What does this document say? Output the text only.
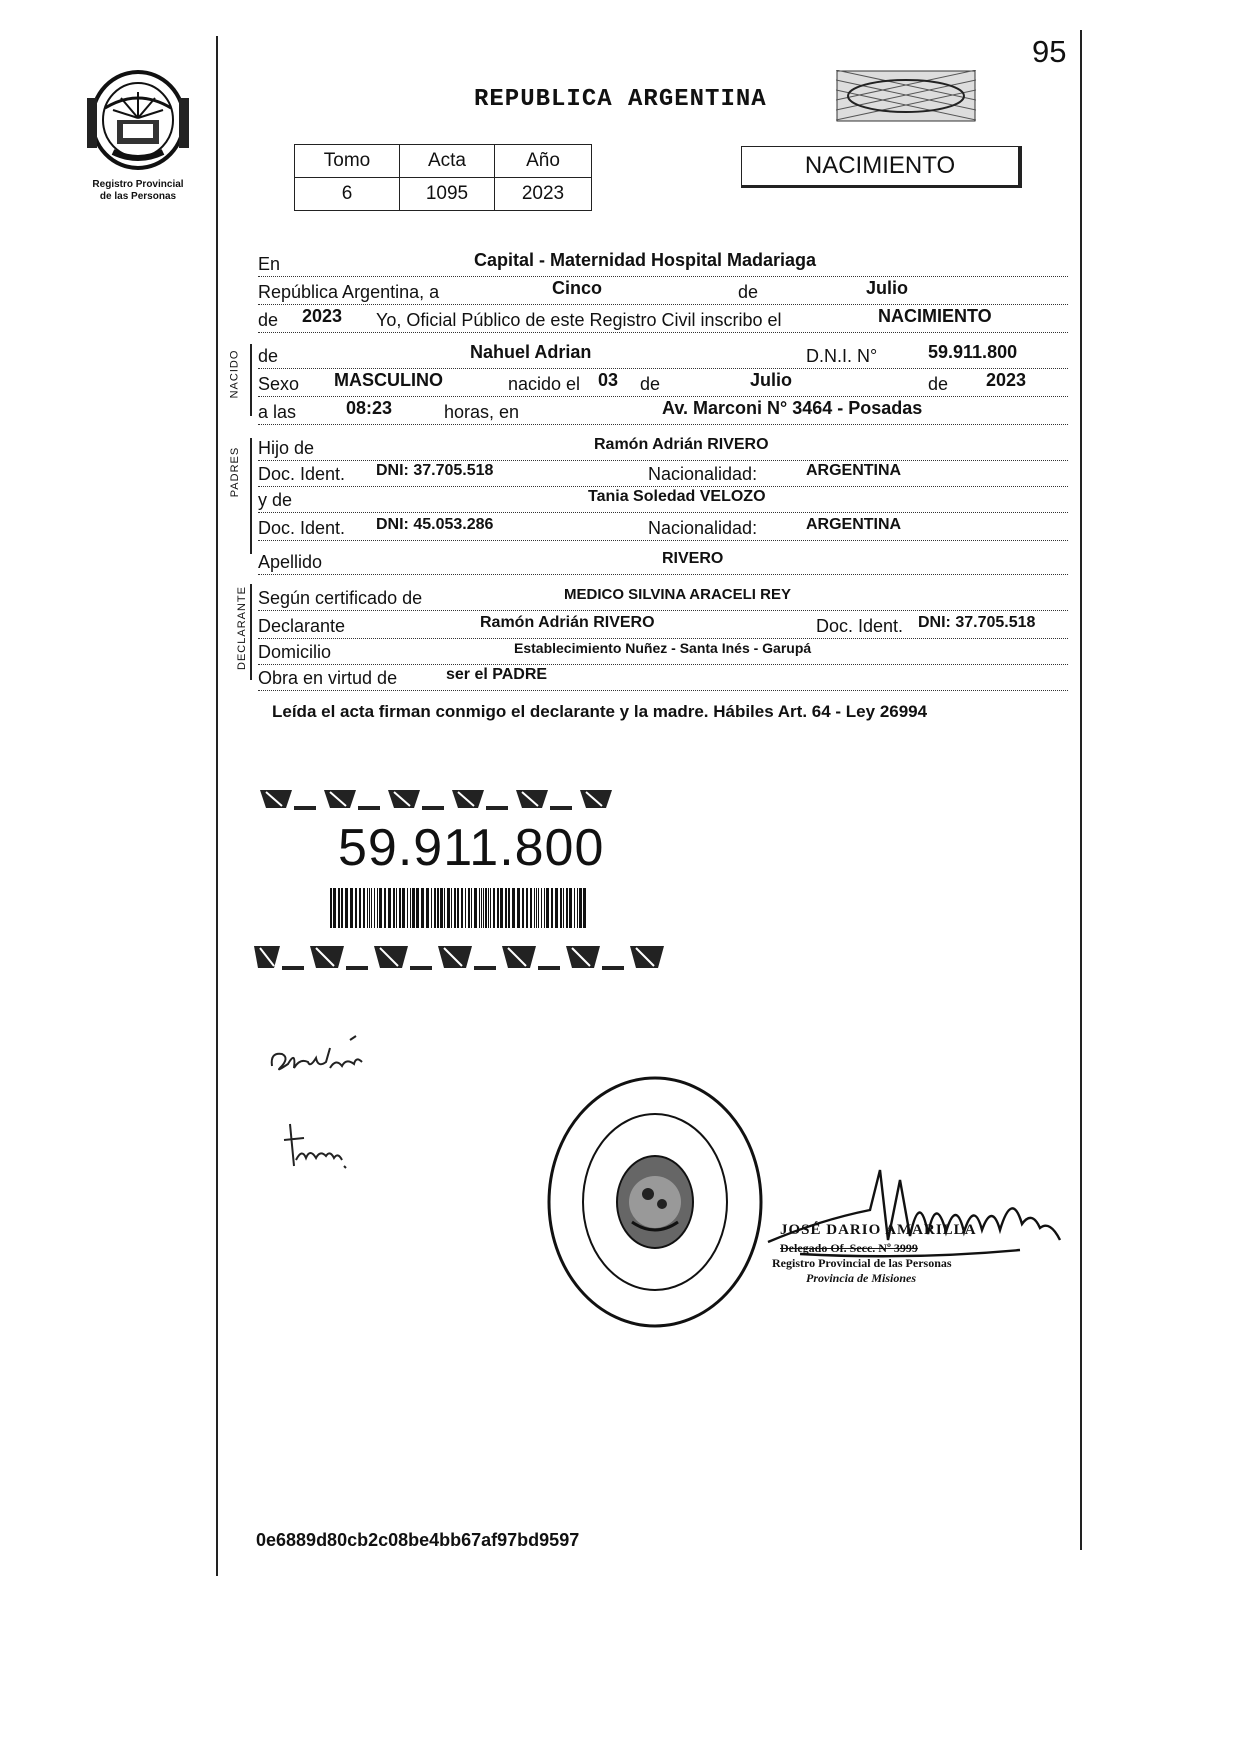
95
Registro Provincial
de las Personas
REPUBLICA ARGENTINA
Tomo	Acta	Año
6	1095	2023
NACIMIENTO
NACIDO
PADRES
DECLARANTE
En	Capital - Maternidad Hospital Madariaga
República Argentina, a	Cinco	de	Julio
de 2023 Yo, Oficial Público de este Registro Civil inscribo el	NACIMIENTO
de	Nahuel Adrian	D.N.I. N°	59.911.800
Sexo MASCULINO	nacido el 03 de	Julio	de 2023
a las	08:23	horas, en	Av. Marconi N° 3464 - Posadas
Hijo de	Ramón Adrián RIVERO
Doc. Ident. DNI: 37.705.518	Nacionalidad:	ARGENTINA
y de	Tania Soledad VELOZO
Doc. Ident. DNI: 45.053.286	Nacionalidad:	ARGENTINA
Apellido	RIVERO
Según certificado de	MEDICO SILVINA ARACELI REY
Declarante	Ramón Adrián RIVERO	Doc. Ident. DNI: 37.705.518
Domicilio	Establecimiento Nuñez - Santa Inés - Garupá
Obra en virtud de	ser el PADRE
Leída el acta firman conmigo el declarante y la madre. Hábiles Art. 64 - Ley 26994
59.911.800
JOSÉ DARIO AMARILLA
Delegado Of. Secc. Nº 3999
Registro Provincial de las Personas
Provincia de Misiones
0e6889d80cb2c08be4bb67af97bd9597
